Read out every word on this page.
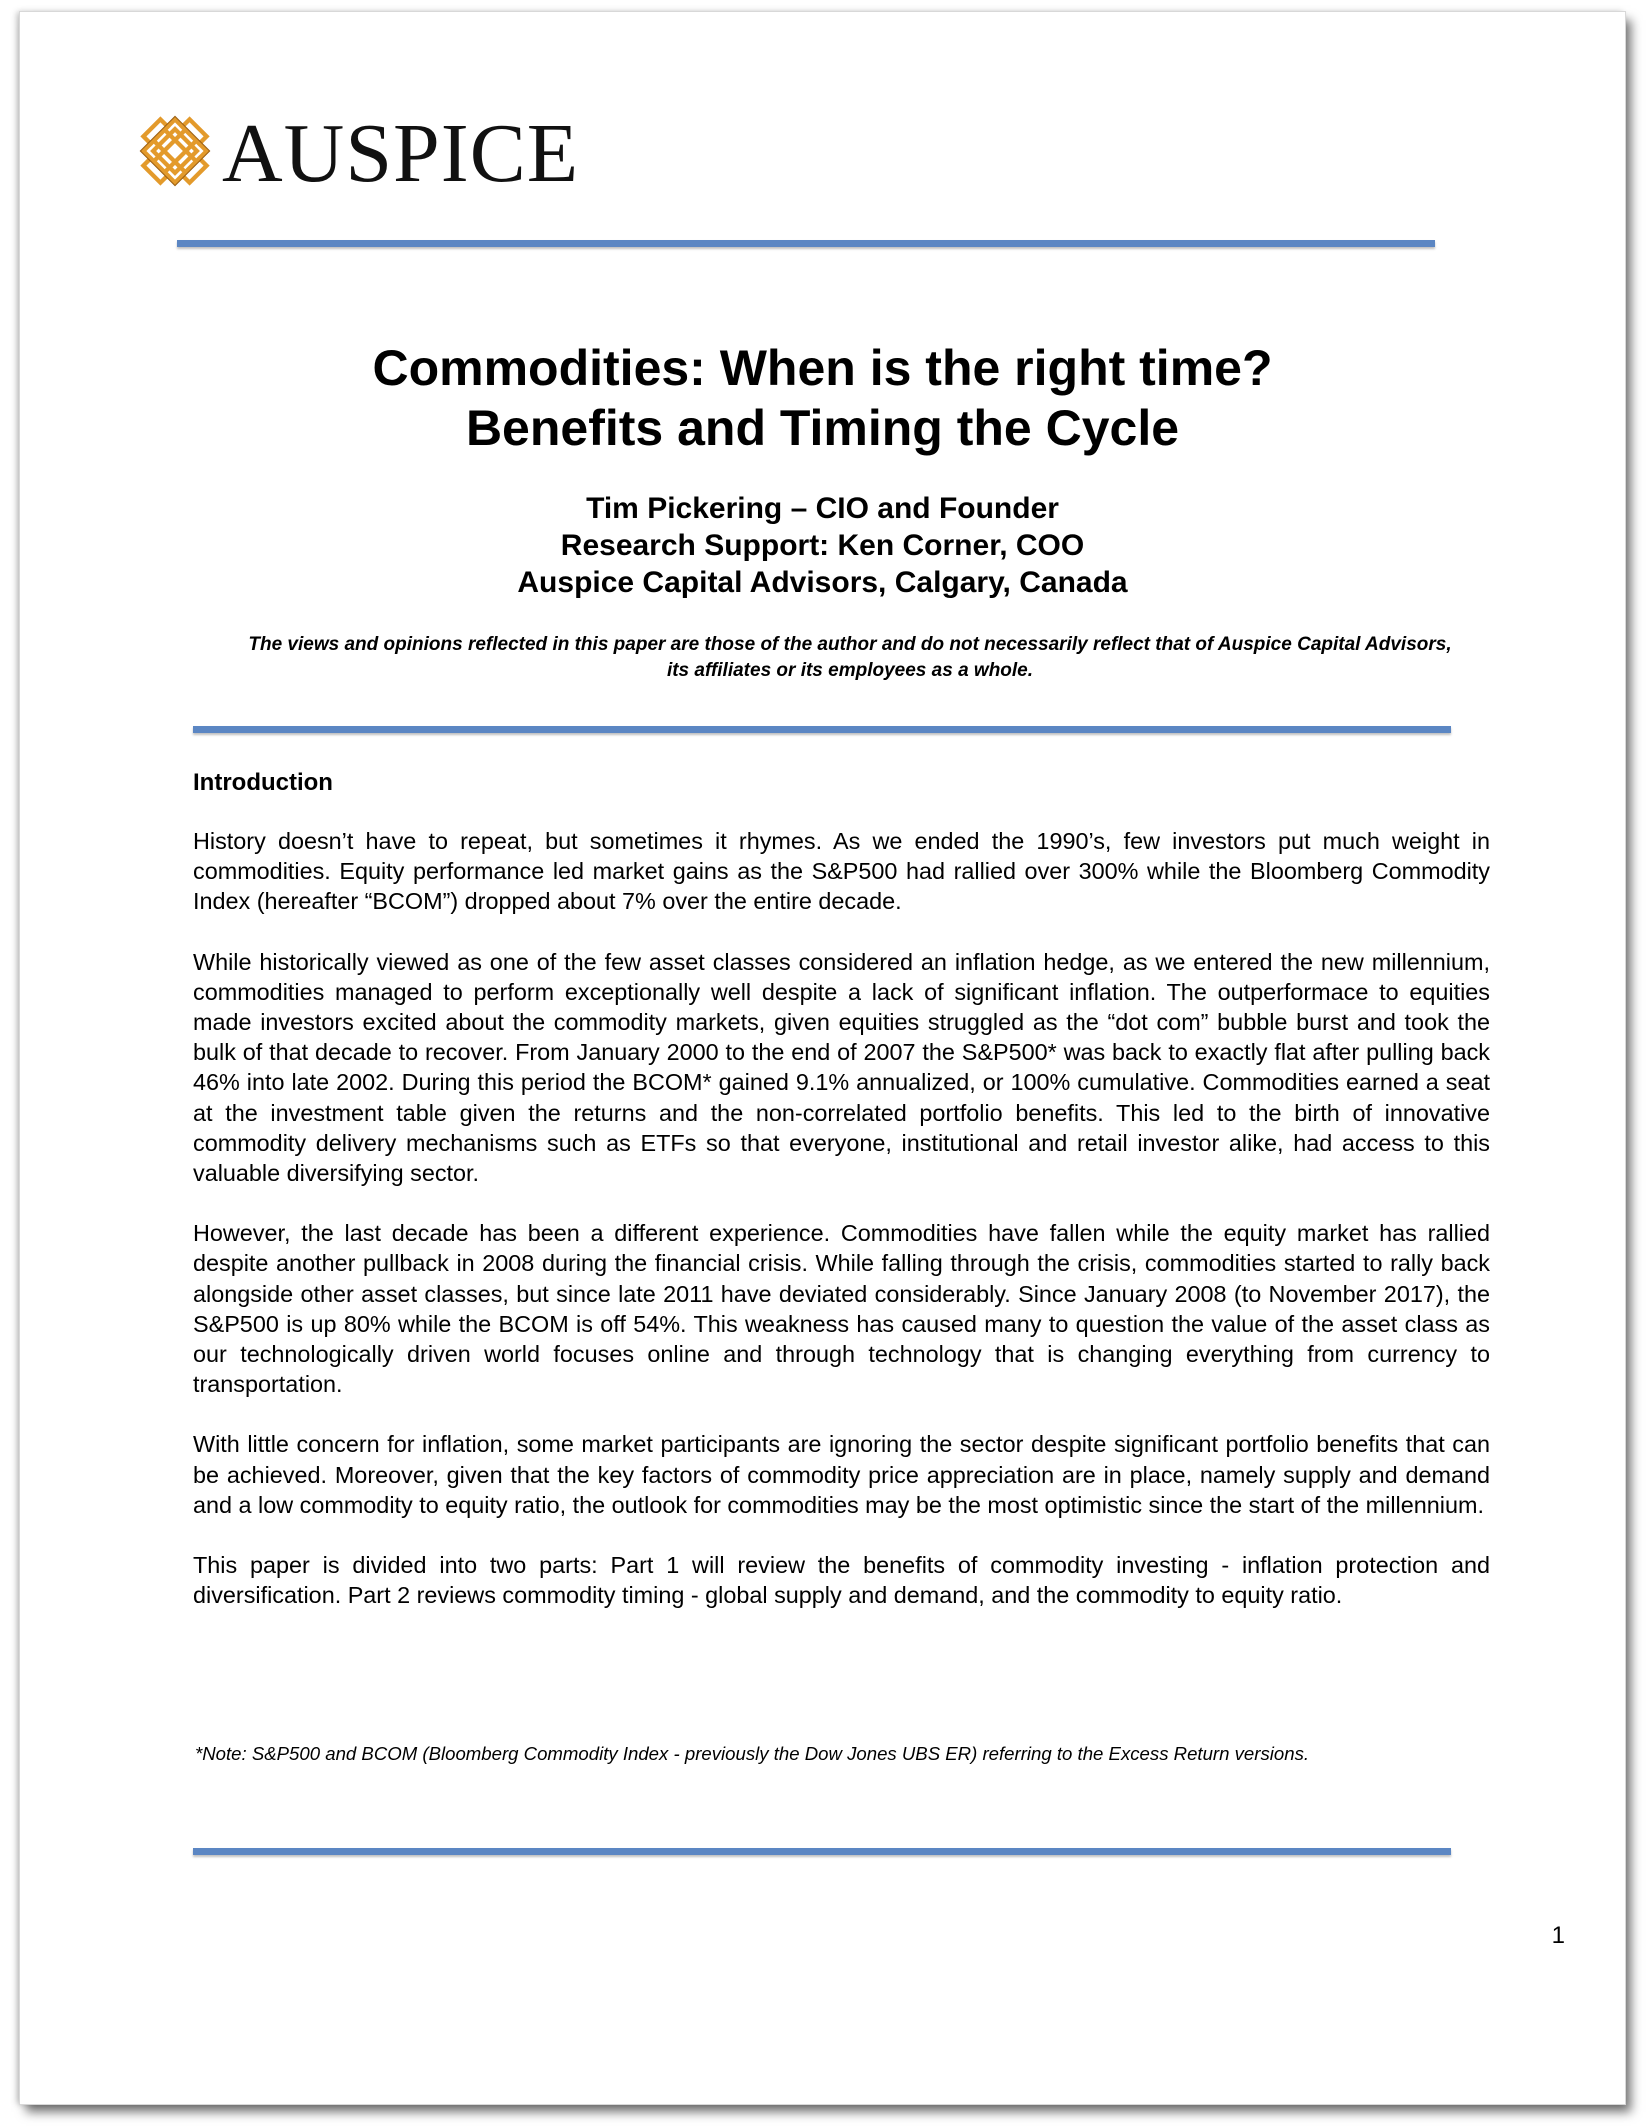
AUSPICE
Commodities: When is the right time?
Benefits and Timing the Cycle
Tim Pickering – CIO and Founder
Research Support: Ken Corner, COO
Auspice Capital Advisors, Calgary, Canada
The views and opinions reflected in this paper are those of the author and do not necessarily reflect that of Auspice Capital Advisors,
its affiliates or its employees as a whole.
Introduction

History doesn’t have to repeat, but sometimes it rhymes. As we ended the 1990’s, few investors put much weight in commodities. Equity performance led market gains as the S&P500 had rallied over 300% while the Bloomberg Commodity Index (hereafter “BCOM”) dropped about 7% over the entire decade.

While historically viewed as one of the few asset classes considered an inflation hedge, as we entered the new millennium, commodities managed to perform exceptionally well despite a lack of significant inflation. The outperformace to equities made investors excited about the commodity markets, given equities struggled as the “dot com” bubble burst and took the bulk of that decade to recover. From January 2000 to the end of 2007 the S&P500* was back to exactly flat after pulling back 46% into late 2002. During this period the BCOM* gained 9.1% annualized, or 100% cumulative. Commodities earned a seat at the investment table given the returns and the non-correlated portfolio benefits. This led to the birth of innovative commodity delivery mechanisms such as ETFs so that everyone, institutional and retail investor alike, had access to this valuable diversifying sector.

However, the last decade has been a different experience. Commodities have fallen while the equity market has rallied despite another pullback in 2008 during the financial crisis. While falling through the crisis, commodities started to rally back alongside other asset classes, but since late 2011 have deviated considerably. Since January 2008 (to November 2017), the S&P500 is up 80% while the BCOM is off 54%. This weakness has caused many to question the value of the asset class as our technologically driven world focuses online and through technology that is changing everything from currency to transportation.

With little concern for inflation, some market participants are ignoring the sector despite significant portfolio benefits that can be achieved. Moreover, given that the key factors of commodity price appreciation are in place, namely supply and demand and a low commodity to equity ratio, the outlook for commodities may be the most optimistic since the start of the millennium.

This paper is divided into two parts: Part 1 will review the benefits of commodity investing - inflation protection and diversification. Part 2 reviews commodity timing - global supply and demand, and the commodity to equity ratio.

*Note: S&P500 and BCOM (Bloomberg Commodity Index - previously the Dow Jones UBS ER) referring to the Excess Return versions.
1
